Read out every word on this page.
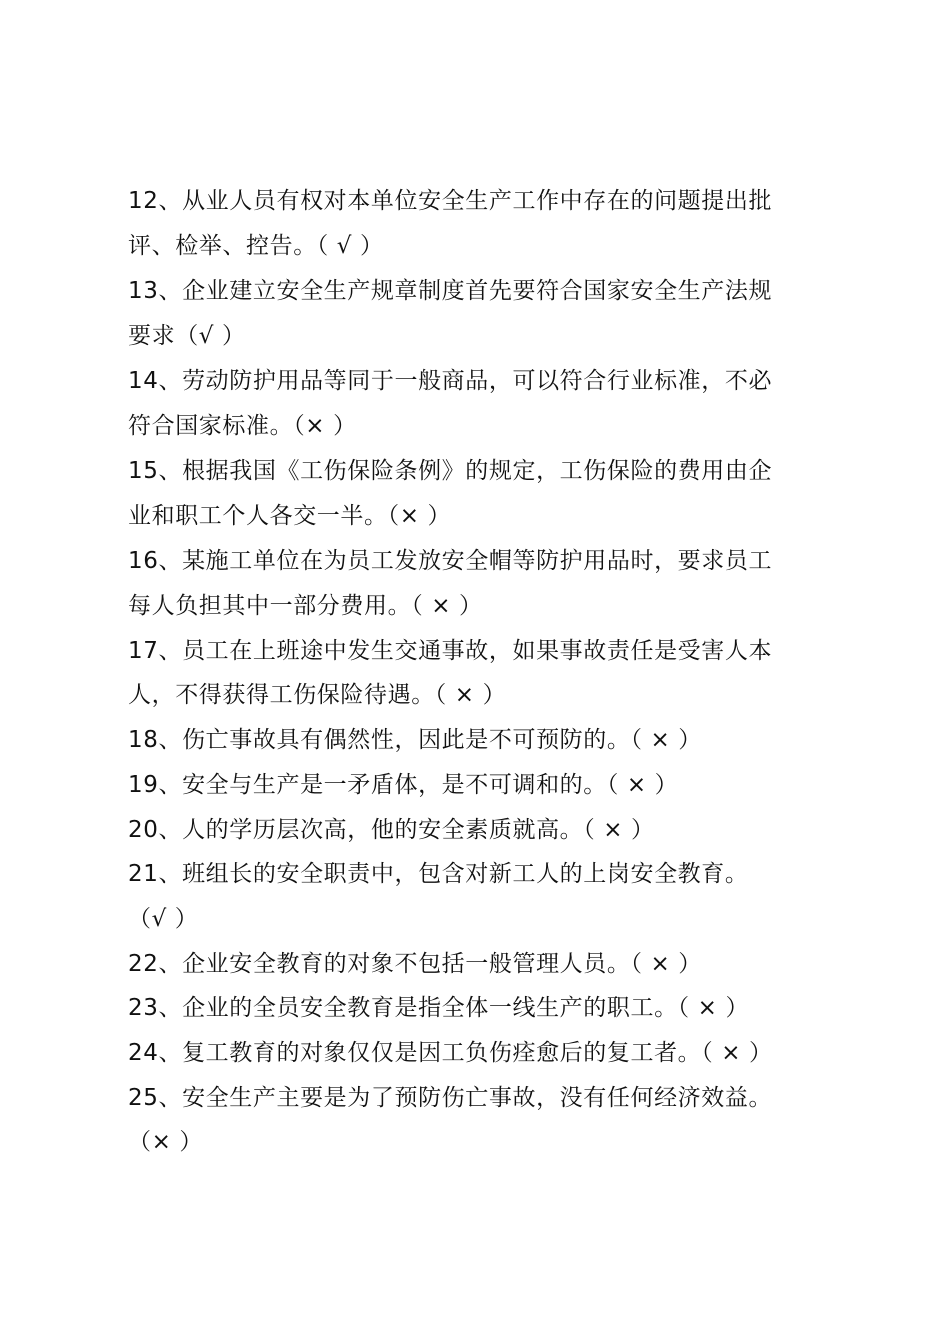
12、从业人员有权对本单位安全生产工作中存在的问题提出批
评、检举、控告。（ √ ）
13、企业建立安全生产规章制度首先要符合国家安全生产法规
要求（√ ）
14、劳动防护用品等同于一般商品，可以符合行业标准，不必
符合国家标准。（× ）
15、根据我国《工伤保险条例》的规定，工伤保险的费用由企
业和职工个人各交一半。（× ）
16、某施工单位在为员工发放安全帽等防护用品时，要求员工
每人负担其中一部分费用。（ × ）
17、员工在上班途中发生交通事故，如果事故责任是受害人本
人，不得获得工伤保险待遇。（ × ）
18、伤亡事故具有偶然性，因此是不可预防的。（ × ）
19、安全与生产是一矛盾体，是不可调和的。（ × ）
20、人的学历层次高，他的安全素质就高。（ × ）
21、班组长的安全职责中，包含对新工人的上岗安全教育。
（√ ）
22、企业安全教育的对象不包括一般管理人员。（ × ）
23、企业的全员安全教育是指全体一线生产的职工。（ × ）
24、复工教育的对象仅仅是因工负伤痊愈后的复工者。（ × ）
25、安全生产主要是为了预防伤亡事故，没有任何经济效益。
（× ）
